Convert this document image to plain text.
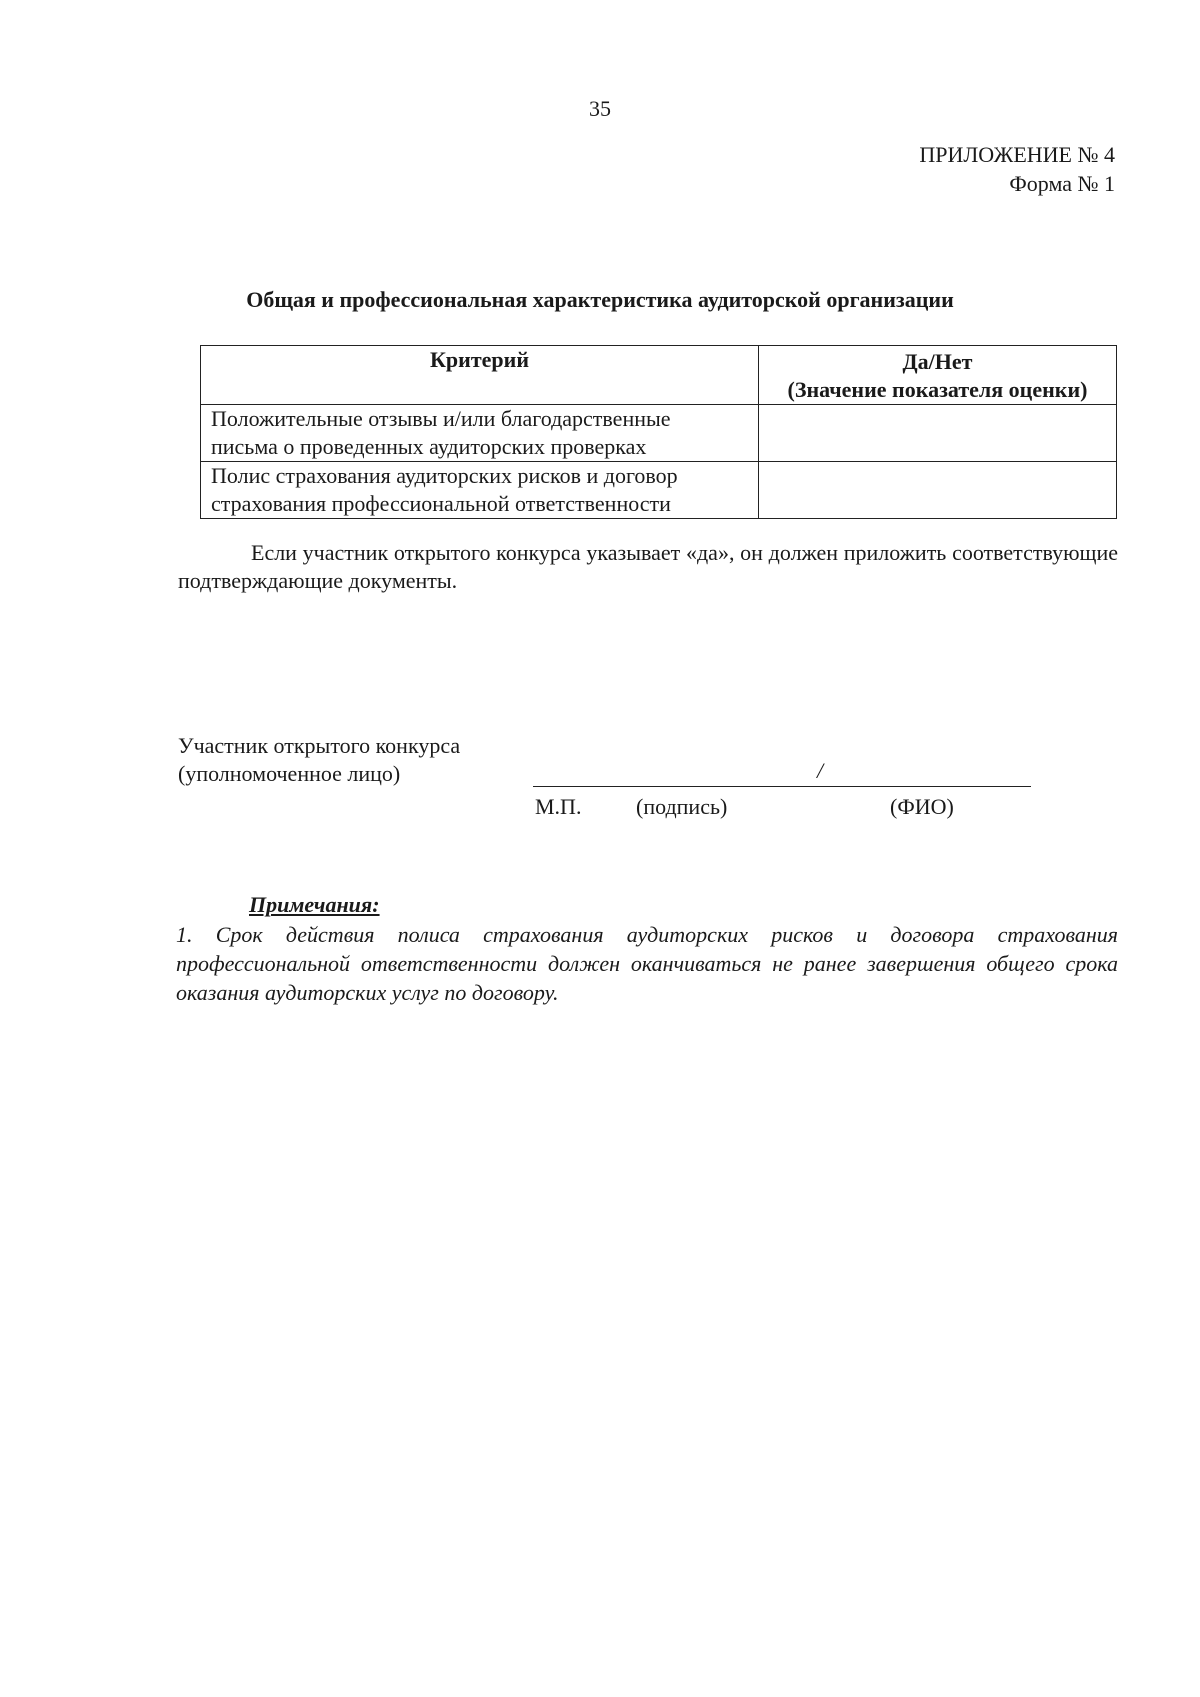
35
ПРИЛОЖЕНИЕ № 4
Форма № 1
Общая и профессиональная характеристика аудиторской организации
Критерий	Да/Нет
(Значение показателя оценки)

Положительные отзывы и/или благодарственные
письма о проведенных аудиторских проверках	

Полис страхования аудиторских рисков и договор
страхования профессиональной ответственности	

Если участник открытого конкурса указывает «да», он должен приложить соответствующие подтверждающие документы.
Участник открытого конкурса
(уполномоченное лицо)	/
М.П. (подпись)	(ФИО)
Примечания:
1. Срок действия полиса страхования аудиторских рисков и договора страхования профессиональной ответственности должен оканчиваться не ранее завершения общего срока оказания аудиторских услуг по договору.
